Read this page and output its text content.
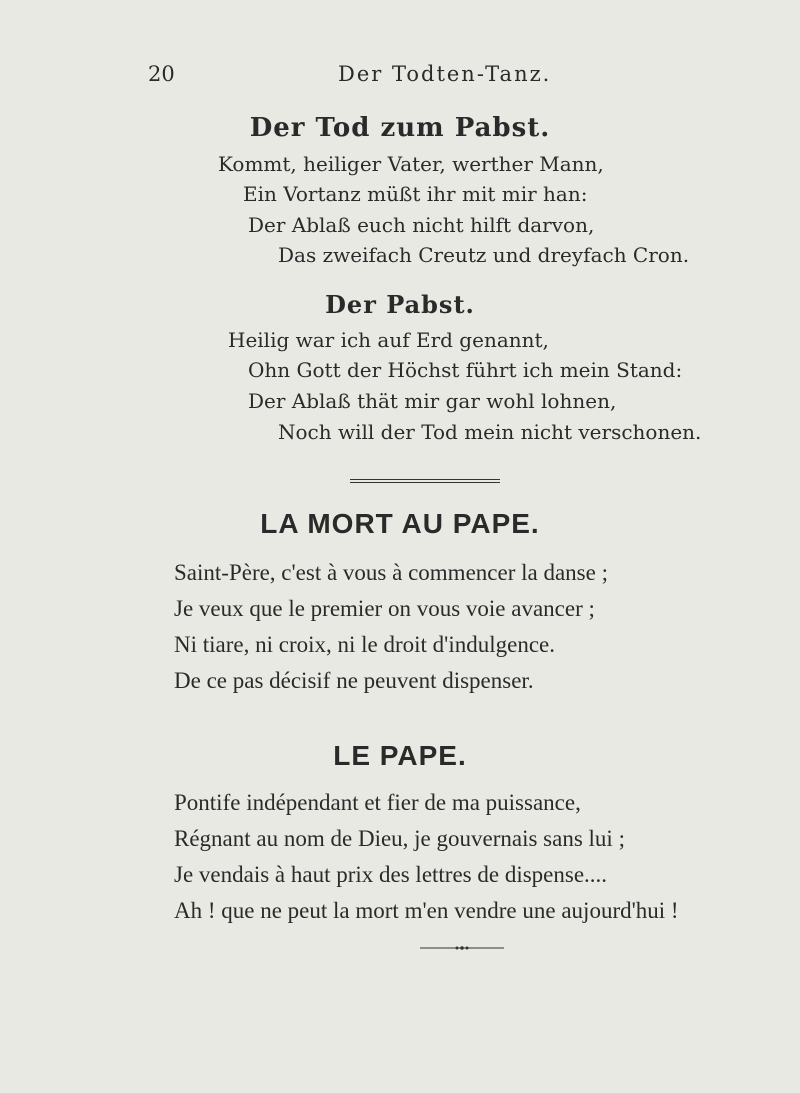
20	Der Todten-Tanz.
Der Tod zum Pabst.
Kommt, heiliger Vater, werther Mann,
Ein Vortanz müßt ihr mit mir han:
Der Ablaß euch nicht hilft darvon,
Das zweifach Creutz und dreyfach Cron.
Der Pabst.
Heilig war ich auf Erd genannt,
Ohn Gott der Höchst führt ich mein Stand:
Der Ablaß thät mir gar wohl lohnen,
Noch will der Tod mein nicht verschonen.
LA MORT AU PAPE.
Saint-Père, c'est à vous à commencer la danse ;
Je veux que le premier on vous voie avancer ;
Ni tiare, ni croix, ni le droit d'indulgence.
De ce pas décisif ne peuvent dispenser.
LE PAPE.
Pontife indépendant et fier de ma puissance,
Régnant au nom de Dieu, je gouvernais sans lui ;
Je vendais à haut prix des lettres de dispense....
Ah ! que ne peut la mort m'en vendre une aujourd'hui !
